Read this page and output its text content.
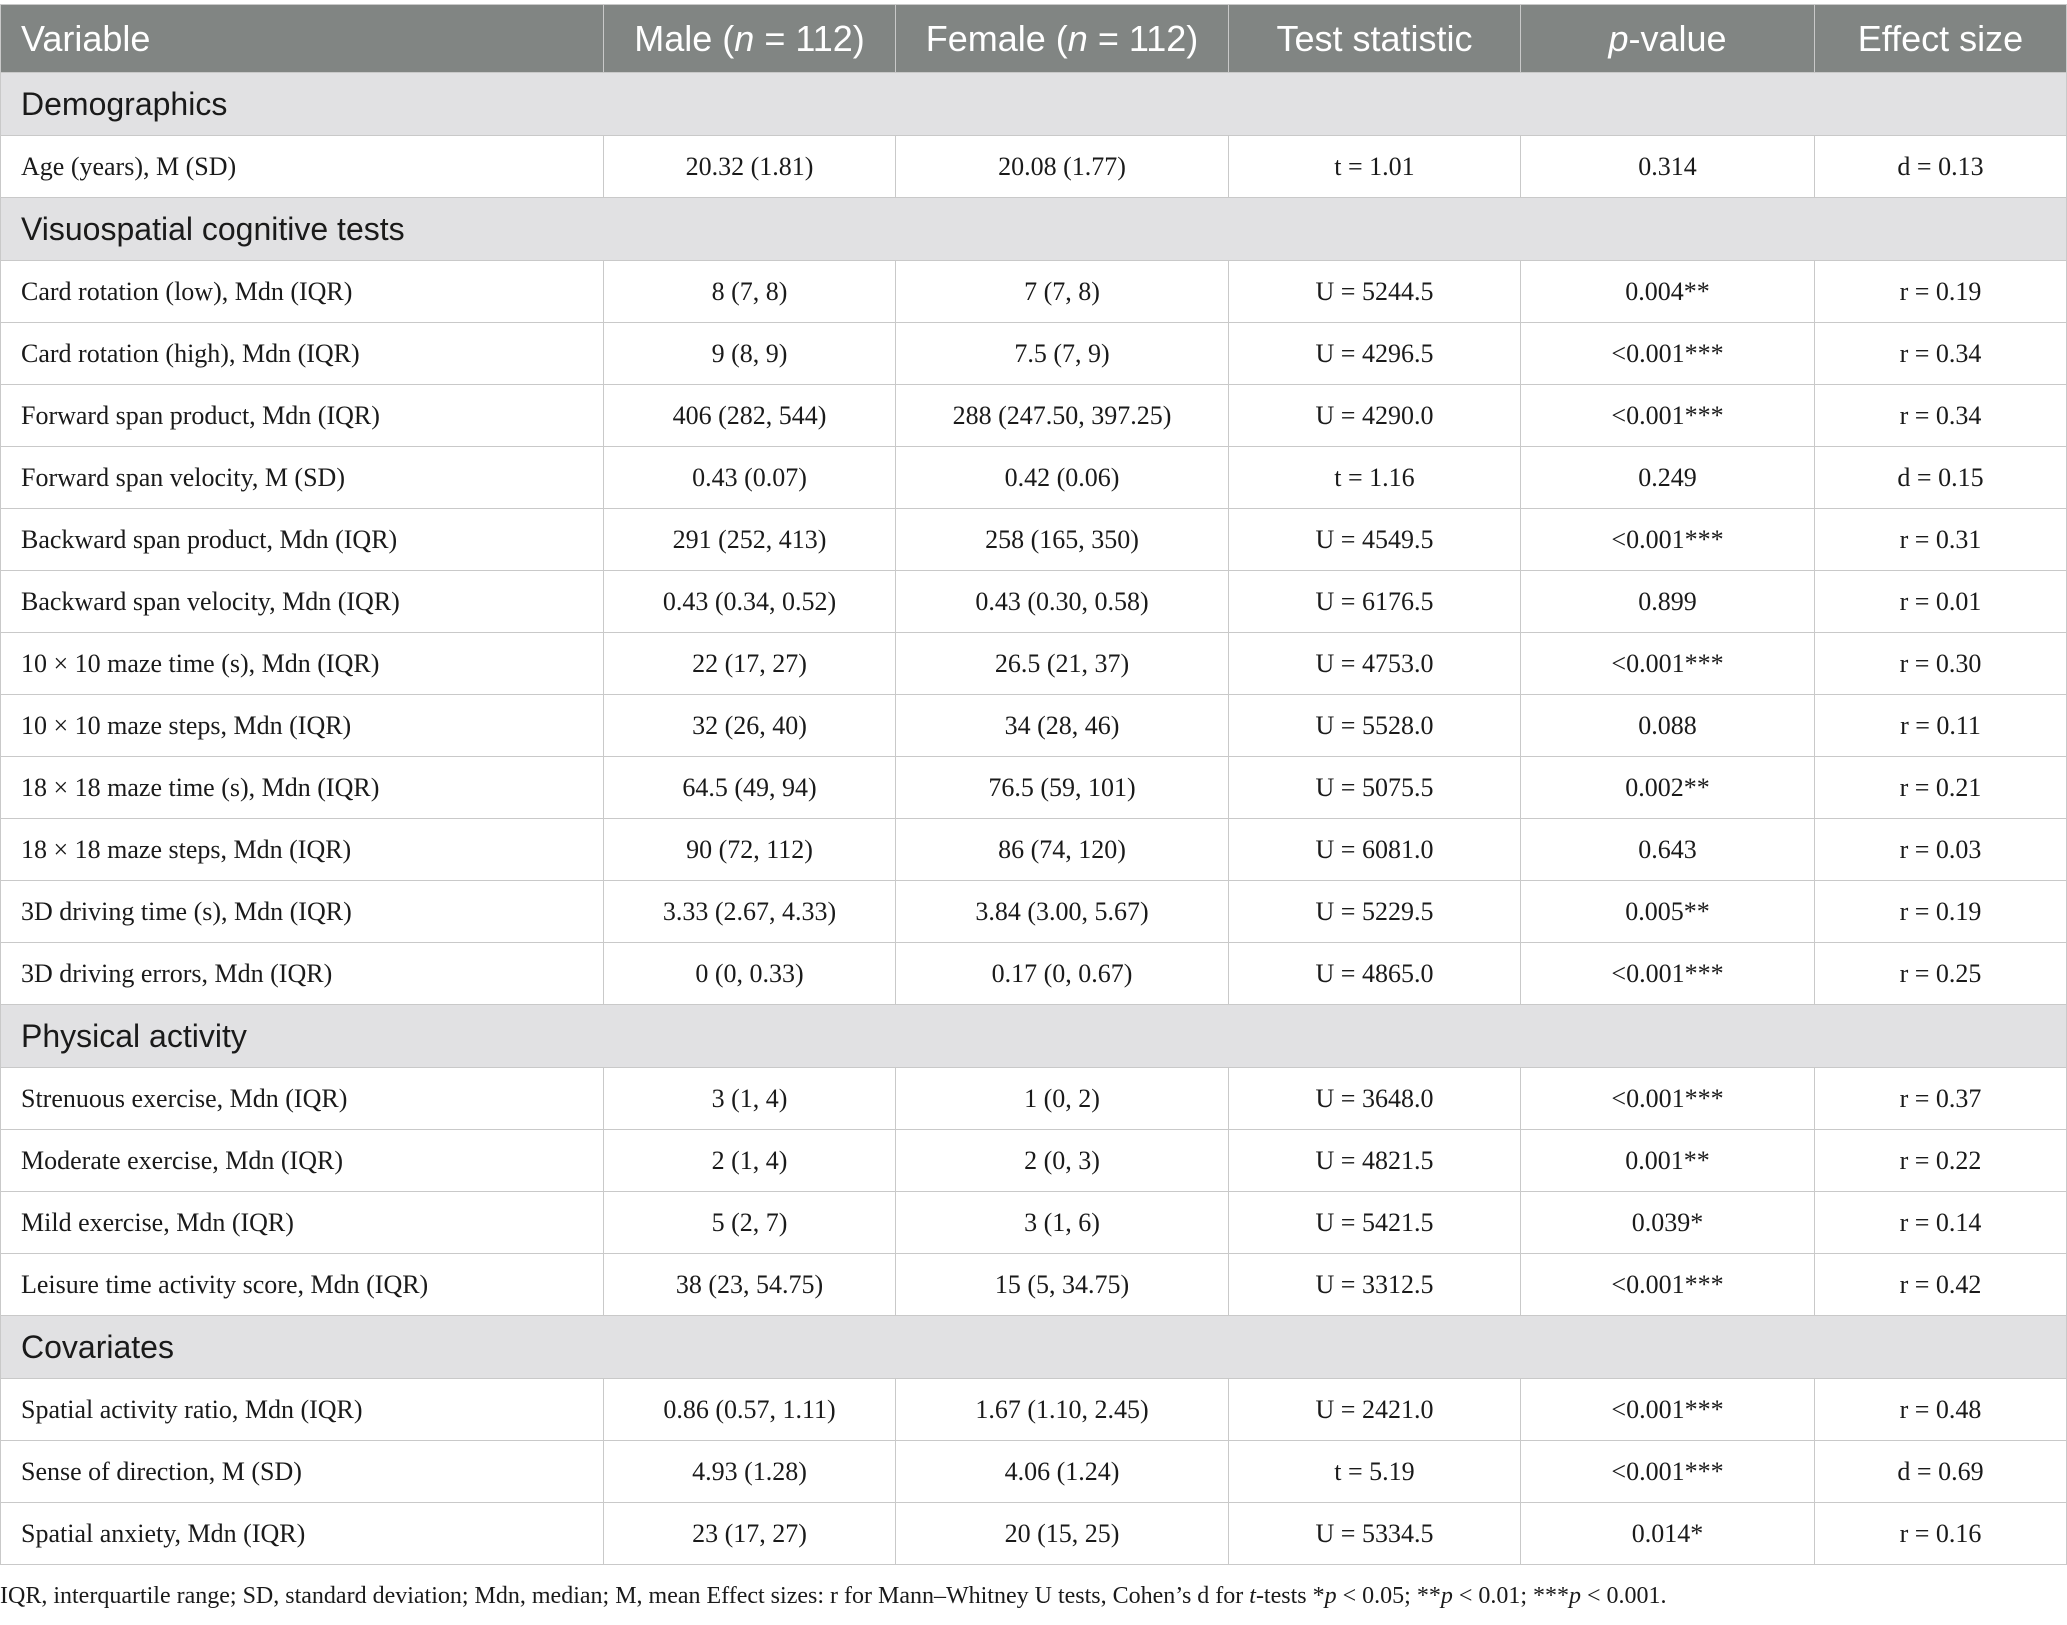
Variable	Male (n = 112)	Female (n = 112)	Test statistic	p-value	Effect size
Demographics					
Age (years), M (SD)	20.32 (1.81)	20.08 (1.77)	t = 1.01	0.314	d = 0.13
Visuospatial cognitive tests					
Card rotation (low), Mdn (IQR)	8 (7, 8)	7 (7, 8)	U = 5244.5	0.004**	r = 0.19
Card rotation (high), Mdn (IQR)	9 (8, 9)	7.5 (7, 9)	U = 4296.5	<0.001***	r = 0.34
Forward span product, Mdn (IQR)	406 (282, 544)	288 (247.50, 397.25)	U = 4290.0	<0.001***	r = 0.34
Forward span velocity, M (SD)	0.43 (0.07)	0.42 (0.06)	t = 1.16	0.249	d = 0.15
Backward span product, Mdn (IQR)	291 (252, 413)	258 (165, 350)	U = 4549.5	<0.001***	r = 0.31
Backward span velocity, Mdn (IQR)	0.43 (0.34, 0.52)	0.43 (0.30, 0.58)	U = 6176.5	0.899	r = 0.01
10 × 10 maze time (s), Mdn (IQR)	22 (17, 27)	26.5 (21, 37)	U = 4753.0	<0.001***	r = 0.30
10 × 10 maze steps, Mdn (IQR)	32 (26, 40)	34 (28, 46)	U = 5528.0	0.088	r = 0.11
18 × 18 maze time (s), Mdn (IQR)	64.5 (49, 94)	76.5 (59, 101)	U = 5075.5	0.002**	r = 0.21
18 × 18 maze steps, Mdn (IQR)	90 (72, 112)	86 (74, 120)	U = 6081.0	0.643	r = 0.03
3D driving time (s), Mdn (IQR)	3.33 (2.67, 4.33)	3.84 (3.00, 5.67)	U = 5229.5	0.005**	r = 0.19
3D driving errors, Mdn (IQR)	0 (0, 0.33)	0.17 (0, 0.67)	U = 4865.0	<0.001***	r = 0.25
Physical activity					
Strenuous exercise, Mdn (IQR)	3 (1, 4)	1 (0, 2)	U = 3648.0	<0.001***	r = 0.37
Moderate exercise, Mdn (IQR)	2 (1, 4)	2 (0, 3)	U = 4821.5	0.001**	r = 0.22
Mild exercise, Mdn (IQR)	5 (2, 7)	3 (1, 6)	U = 5421.5	0.039*	r = 0.14
Leisure time activity score, Mdn (IQR)	38 (23, 54.75)	15 (5, 34.75)	U = 3312.5	<0.001***	r = 0.42
Covariates					
Spatial activity ratio, Mdn (IQR)	0.86 (0.57, 1.11)	1.67 (1.10, 2.45)	U = 2421.0	<0.001***	r = 0.48
Sense of direction, M (SD)	4.93 (1.28)	4.06 (1.24)	t = 5.19	<0.001***	d = 0.69
Spatial anxiety, Mdn (IQR)	23 (17, 27)	20 (15, 25)	U = 5334.5	0.014*	r = 0.16
IQR, interquartile range; SD, standard deviation; Mdn, median; M, mean Effect sizes: r for Mann–Whitney U tests, Cohen’s d for t-tests *p < 0.05; **p < 0.01; ***p < 0.001.
